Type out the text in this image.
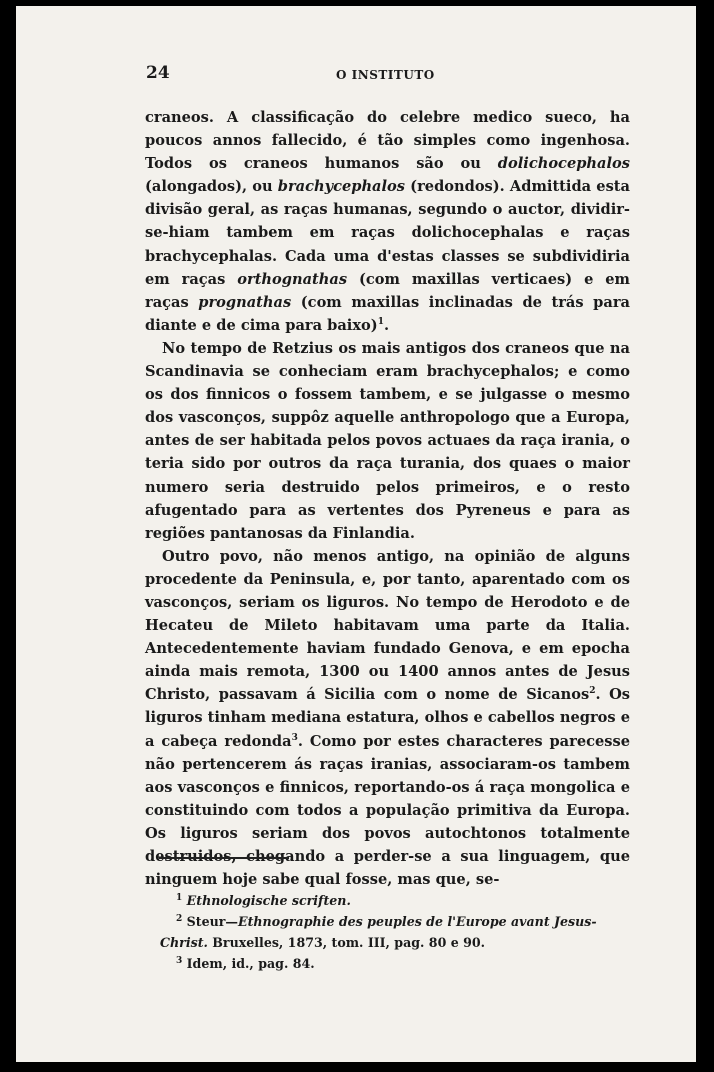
24	O INSTITUTO

craneos. A classificação do celebre medico sueco, ha poucos annos fallecido, é tão simples como ingenhosa. Todos os craneos humanos são ou dolichocephalos (alongados), ou brachycephalos (redondos). Admittida esta divisão geral, as raças humanas, segundo o auctor, dividir-se-hiam tambem em raças dolichocephalas e raças brachycephalas. Cada uma d'estas classes se subdividiria em raças orthognathas (com maxillas verticaes) e em raças prognathas (com maxillas inclinadas de trás para diante e de cima para baixo)$^1$.

No tempo de Retzius os mais antigos dos craneos que na Scandinavia se conheciam eram brachycephalos; e como os dos finnicos o fossem tambem, e se julgasse o mesmo dos vasconços, suppôz aquelle anthropologo que a Europa, antes de ser habitada pelos povos actuaes da raça irania, o teria sido por outros da raça turania, dos quaes o maior numero seria destruido pelos primeiros, e o resto afugentado para as vertentes dos Pyreneus e para as regiões pantanosas da Finlandia.

Outro povo, não menos antigo, na opinião de alguns procedente da Peninsula, e, por tanto, aparentado com os vasconços, seriam os liguros. No tempo de Herodoto e de Hecateu de Mileto habitavam uma parte da Italia. Antecedentemente haviam fundado Genova, e em epocha ainda mais remota, 1300 ou 1400 annos antes de Jesus Christo, passavam á Sicilia com o nome de Sicanos$^2$. Os liguros tinham mediana estatura, olhos e cabellos negros e a cabeça redonda$^3$. Como por estes characteres parecesse não pertencerem ás raças iranias, associaram-os tambem aos vasconços e finnicos, reportando-os á raça mongolica e constituindo com todos a população primitiva da Europa. Os liguros seriam dos povos autochtonos totalmente destruidos, chegando a perder-se a sua linguagem, que ninguem hoje sabe qual fosse, mas que, se-

$^1$ Ethnologische scriften.

$^2$ Steur—Ethnographie des peuples de l'Europe avant Jesus-Christ. Bruxelles, 1873, tom. III, pag. 80 e 90.

$^3$ Idem, id., pag. 84.
